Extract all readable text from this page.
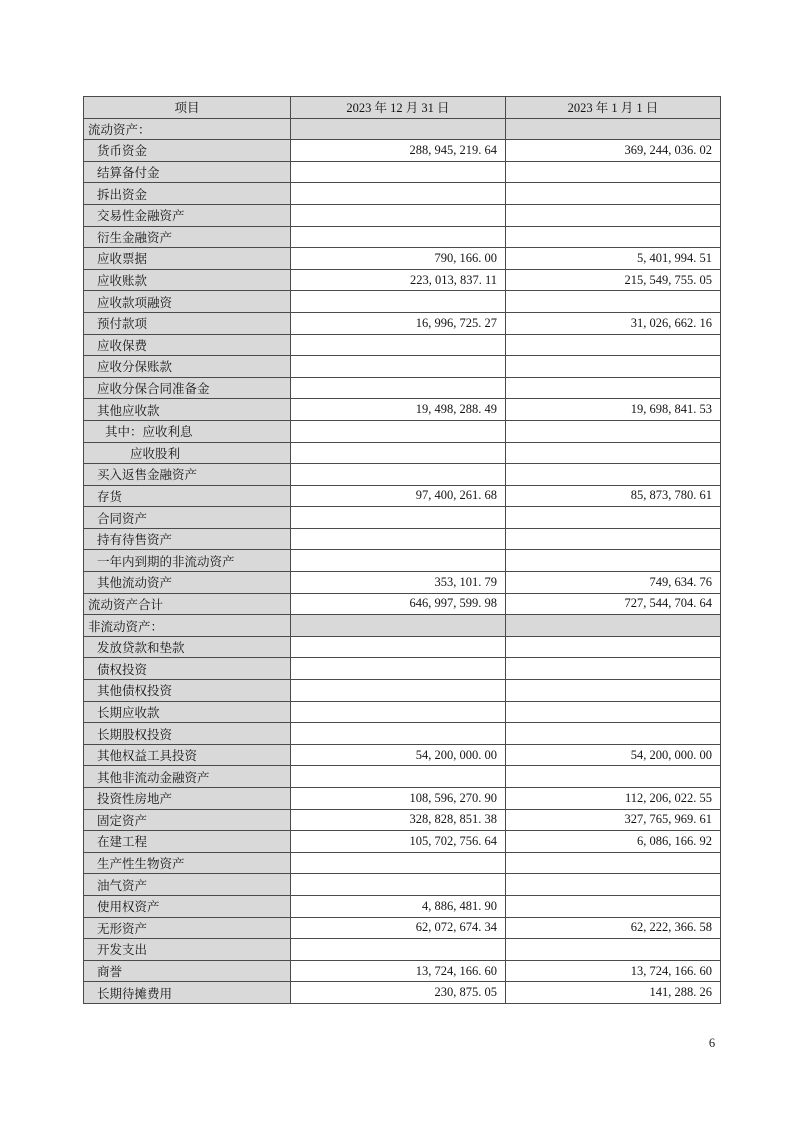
项目	2023 年 12 月 31 日	2023 年 1 月 1 日
流动资产：		
货币资金	288, 945, 219. 64	369, 244, 036. 02
结算备付金		
拆出资金		
交易性金融资产		
衍生金融资产		
应收票据	790, 166. 00	5, 401, 994. 51
应收账款	223, 013, 837. 11	215, 549, 755. 05
应收款项融资		
预付款项	16, 996, 725. 27	31, 026, 662. 16
应收保费		
应收分保账款		
应收分保合同准备金		
其他应收款	19, 498, 288. 49	19, 698, 841. 53
其中：应收利息		
应收股利		
买入返售金融资产		
存货	97, 400, 261. 68	85, 873, 780. 61
合同资产		
持有待售资产		
一年内到期的非流动资产		
其他流动资产	353, 101. 79	749, 634. 76
流动资产合计	646, 997, 599. 98	727, 544, 704. 64
非流动资产：		
发放贷款和垫款		
债权投资		
其他债权投资		
长期应收款		
长期股权投资		
其他权益工具投资	54, 200, 000. 00	54, 200, 000. 00
其他非流动金融资产		
投资性房地产	108, 596, 270. 90	112, 206, 022. 55
固定资产	328, 828, 851. 38	327, 765, 969. 61
在建工程	105, 702, 756. 64	6, 086, 166. 92
生产性生物资产		
油气资产		
使用权资产	4, 886, 481. 90	
无形资产	62, 072, 674. 34	62, 222, 366. 58
开发支出		
商誉	13, 724, 166. 60	13, 724, 166. 60
长期待摊费用	230, 875. 05	141, 288. 26
6
